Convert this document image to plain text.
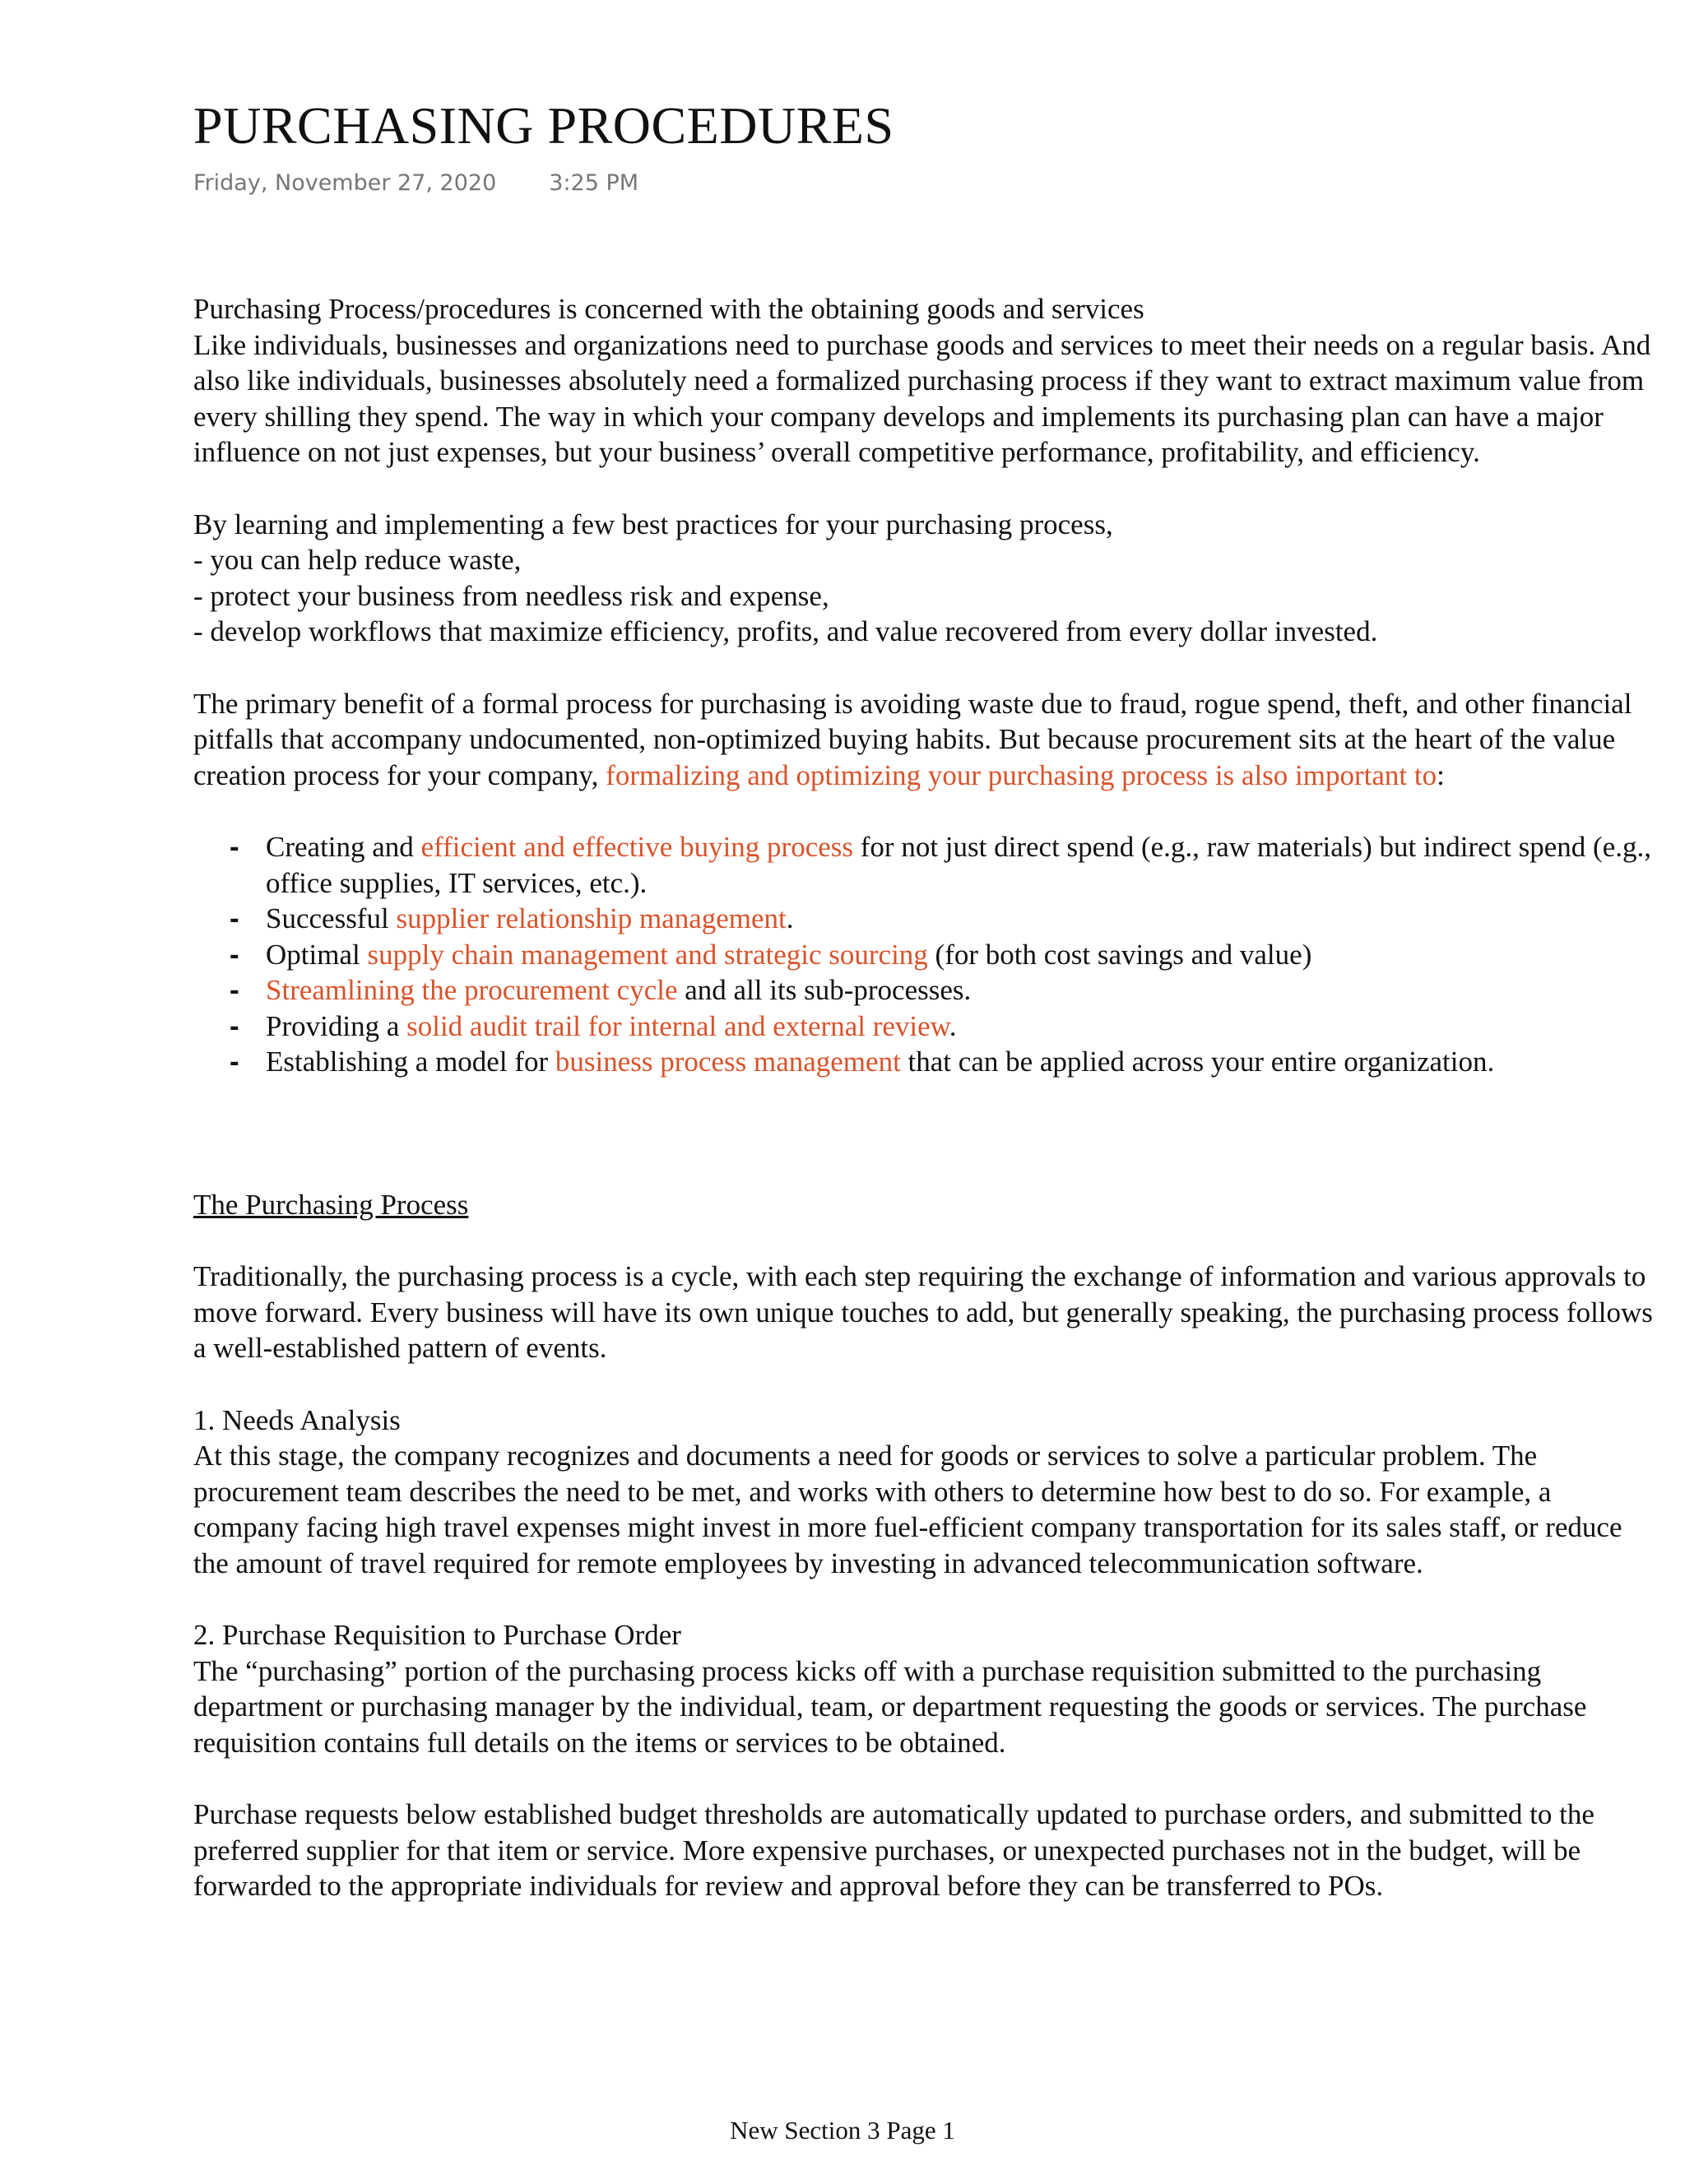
PURCHASING PROCEDURES
Friday, November 27, 2020 3:25 PM

Purchasing Process/procedures is concerned with the obtaining goods and services

Like individuals, businesses and organizations need to purchase goods and services to meet their needs on a regular basis. And also like individuals, businesses absolutely need a formalized purchasing process if they want to extract maximum value from every shilling they spend. The way in which your company develops and implements its purchasing plan can have a major influence on not just expenses, but your business’ overall competitive performance, profitability, and efficiency.

By learning and implementing a few best practices for your purchasing process,

- you can help reduce waste,

- protect your business from needless risk and expense,

- develop workflows that maximize efficiency, profits, and value recovered from every dollar invested.

The primary benefit of a formal process for purchasing is avoiding waste due to fraud, rogue spend, theft, and other financial pitfalls that accompany undocumented, non-optimized buying habits. But because procurement sits at the heart of the value creation process for your company, formalizing and optimizing your purchasing process is also important to:

- Creating and efficient and effective buying process for not just direct spend (e.g., raw materials) but indirect spend (e.g., office supplies, IT services, etc.).
- Successful supplier relationship management.
- Optimal supply chain management and strategic sourcing (for both cost savings and value)
- Streamlining the procurement cycle and all its sub-processes.
- Providing a solid audit trail for internal and external review.
- Establishing a model for business process management that can be applied across your entire organization.

The Purchasing Process

Traditionally, the purchasing process is a cycle, with each step requiring the exchange of information and various approvals to move forward. Every business will have its own unique touches to add, but generally speaking, the purchasing process follows a well-established pattern of events.

1. Needs Analysis

At this stage, the company recognizes and documents a need for goods or services to solve a particular problem. The procurement team describes the need to be met, and works with others to determine how best to do so. For example, a company facing high travel expenses might invest in more fuel-efficient company transportation for its sales staff, or reduce the amount of travel required for remote employees by investing in advanced telecommunication software.

2. Purchase Requisition to Purchase Order

The “purchasing” portion of the purchasing process kicks off with a purchase requisition submitted to the purchasing department or purchasing manager by the individual, team, or department requesting the goods or services. The purchase requisition contains full details on the items or services to be obtained.

Purchase requests below established budget thresholds are automatically updated to purchase orders, and submitted to the preferred supplier for that item or service. More expensive purchases, or unexpected purchases not in the budget, will be forwarded to the appropriate individuals for review and approval before they can be transferred to POs.

New Section 3 Page 1
